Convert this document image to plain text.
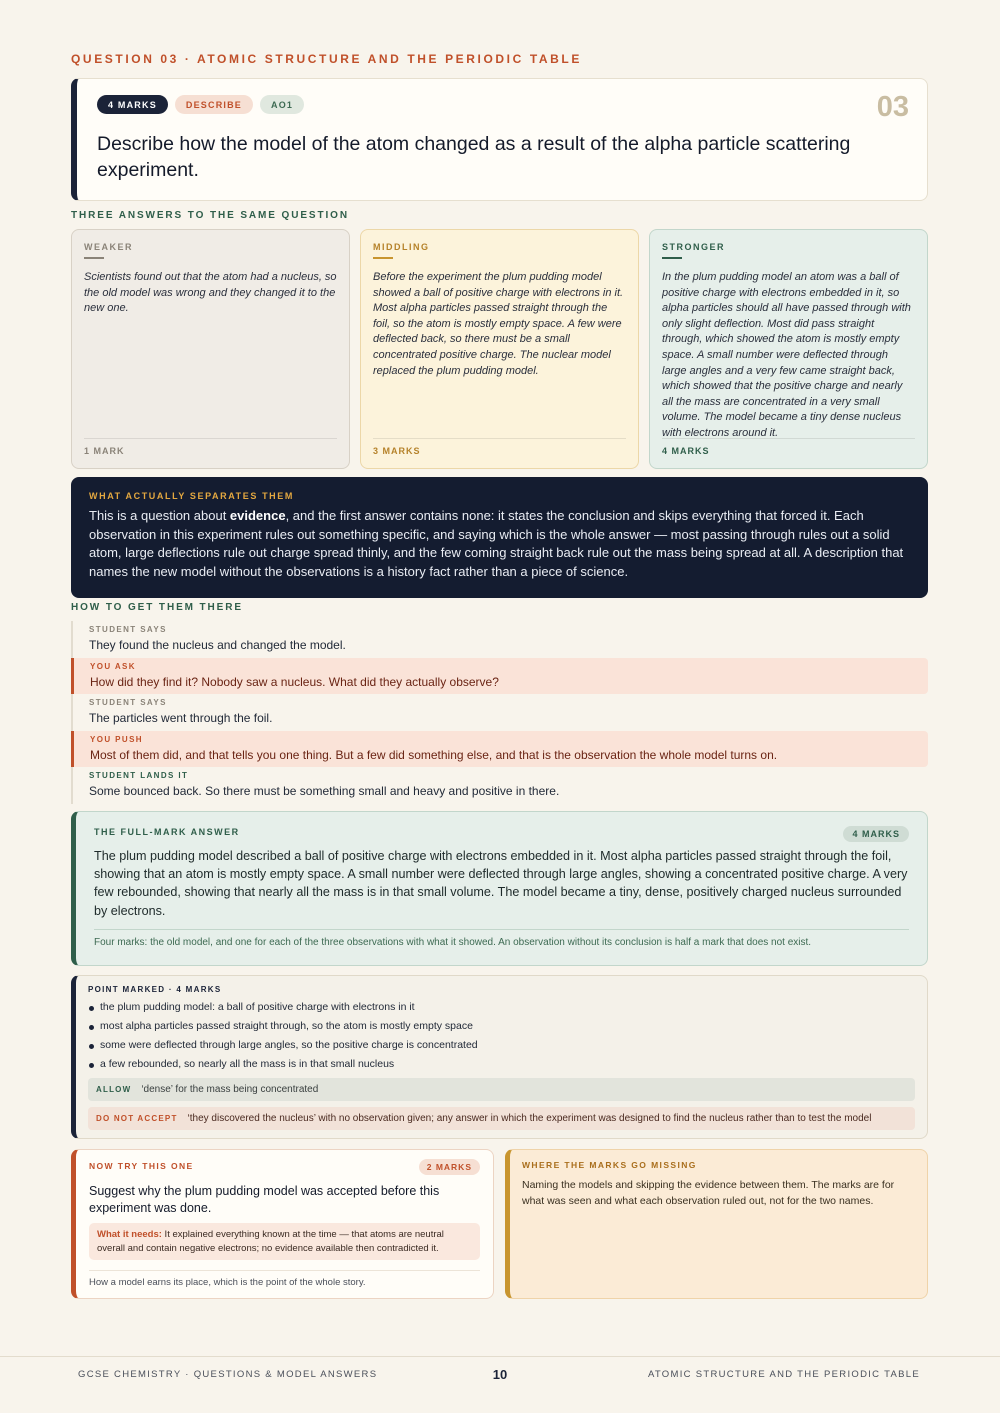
QUESTION 03 · ATOMIC STRUCTURE AND THE PERIODIC TABLE
4 MARKS	DESCRIBE	AO1	03
Describe how the model of the atom changed as a result of the alpha particle scattering experiment.
THREE ANSWERS TO THE SAME QUESTION
WEAKER
Scientists found out that the atom had a nucleus, so the old model was wrong and they changed it to the new one.
1 MARK
MIDDLING
Before the experiment the plum pudding model showed a ball of positive charge with electrons in it. Most alpha particles passed straight through the foil, so the atom is mostly empty space. A few were deflected back, so there must be a small concentrated positive charge. The nuclear model replaced the plum pudding model.
3 MARKS
STRONGER
In the plum pudding model an atom was a ball of positive charge with electrons embedded in it, so alpha particles should all have passed through with only slight deflection. Most did pass straight through, which showed the atom is mostly empty space. A small number were deflected through large angles and a very few came straight back, which showed that the positive charge and nearly all the mass are concentrated in a very small volume. The model became a tiny dense nucleus with electrons around it.
4 MARKS
WHAT ACTUALLY SEPARATES THEM
This is a question about evidence, and the first answer contains none: it states the conclusion and skips everything that forced it. Each observation in this experiment rules out something specific, and saying which is the whole answer — most passing through rules out a solid atom, large deflections rule out charge spread thinly, and the few coming straight back rule out the mass being spread at all. A description that names the new model without the observations is a history fact rather than a piece of science.
HOW TO GET THEM THERE
STUDENT SAYS
They found the nucleus and changed the model.
YOU ASK
How did they find it? Nobody saw a nucleus. What did they actually observe?
STUDENT SAYS
The particles went through the foil.
YOU PUSH
Most of them did, and that tells you one thing. But a few did something else, and that is the observation the whole model turns on.
STUDENT LANDS IT
Some bounced back. So there must be something small and heavy and positive in there.
THE FULL-MARK ANSWER	4 MARKS
The plum pudding model described a ball of positive charge with electrons embedded in it. Most alpha particles passed straight through the foil, showing that an atom is mostly empty space. A small number were deflected through large angles, showing a concentrated positive charge. A very few rebounded, showing that nearly all the mass is in that small volume. The model became a tiny, dense, positively charged nucleus surrounded by electrons.
Four marks: the old model, and one for each of the three observations with what it showed. An observation without its conclusion is half a mark that does not exist.
POINT MARKED · 4 MARKS
the plum pudding model: a ball of positive charge with electrons in it
most alpha particles passed straight through, so the atom is mostly empty space
some were deflected through large angles, so the positive charge is concentrated
a few rebounded, so nearly all the mass is in that small nucleus
ALLOW ‘dense’ for the mass being concentrated
DO NOT ACCEPT ‘they discovered the nucleus’ with no observation given; any answer in which the experiment was designed to find the nucleus rather than to test the model
NOW TRY THIS ONE	2 MARKS
Suggest why the plum pudding model was accepted before this experiment was done.
What it needs: It explained everything known at the time — that atoms are neutral overall and contain negative electrons; no evidence available then contradicted it.
How a model earns its place, which is the point of the whole story.
WHERE THE MARKS GO MISSING
Naming the models and skipping the evidence between them. The marks are for what was seen and what each observation ruled out, not for the two names.
GCSE CHEMISTRY · QUESTIONS & MODEL ANSWERS	10	ATOMIC STRUCTURE AND THE PERIODIC TABLE
